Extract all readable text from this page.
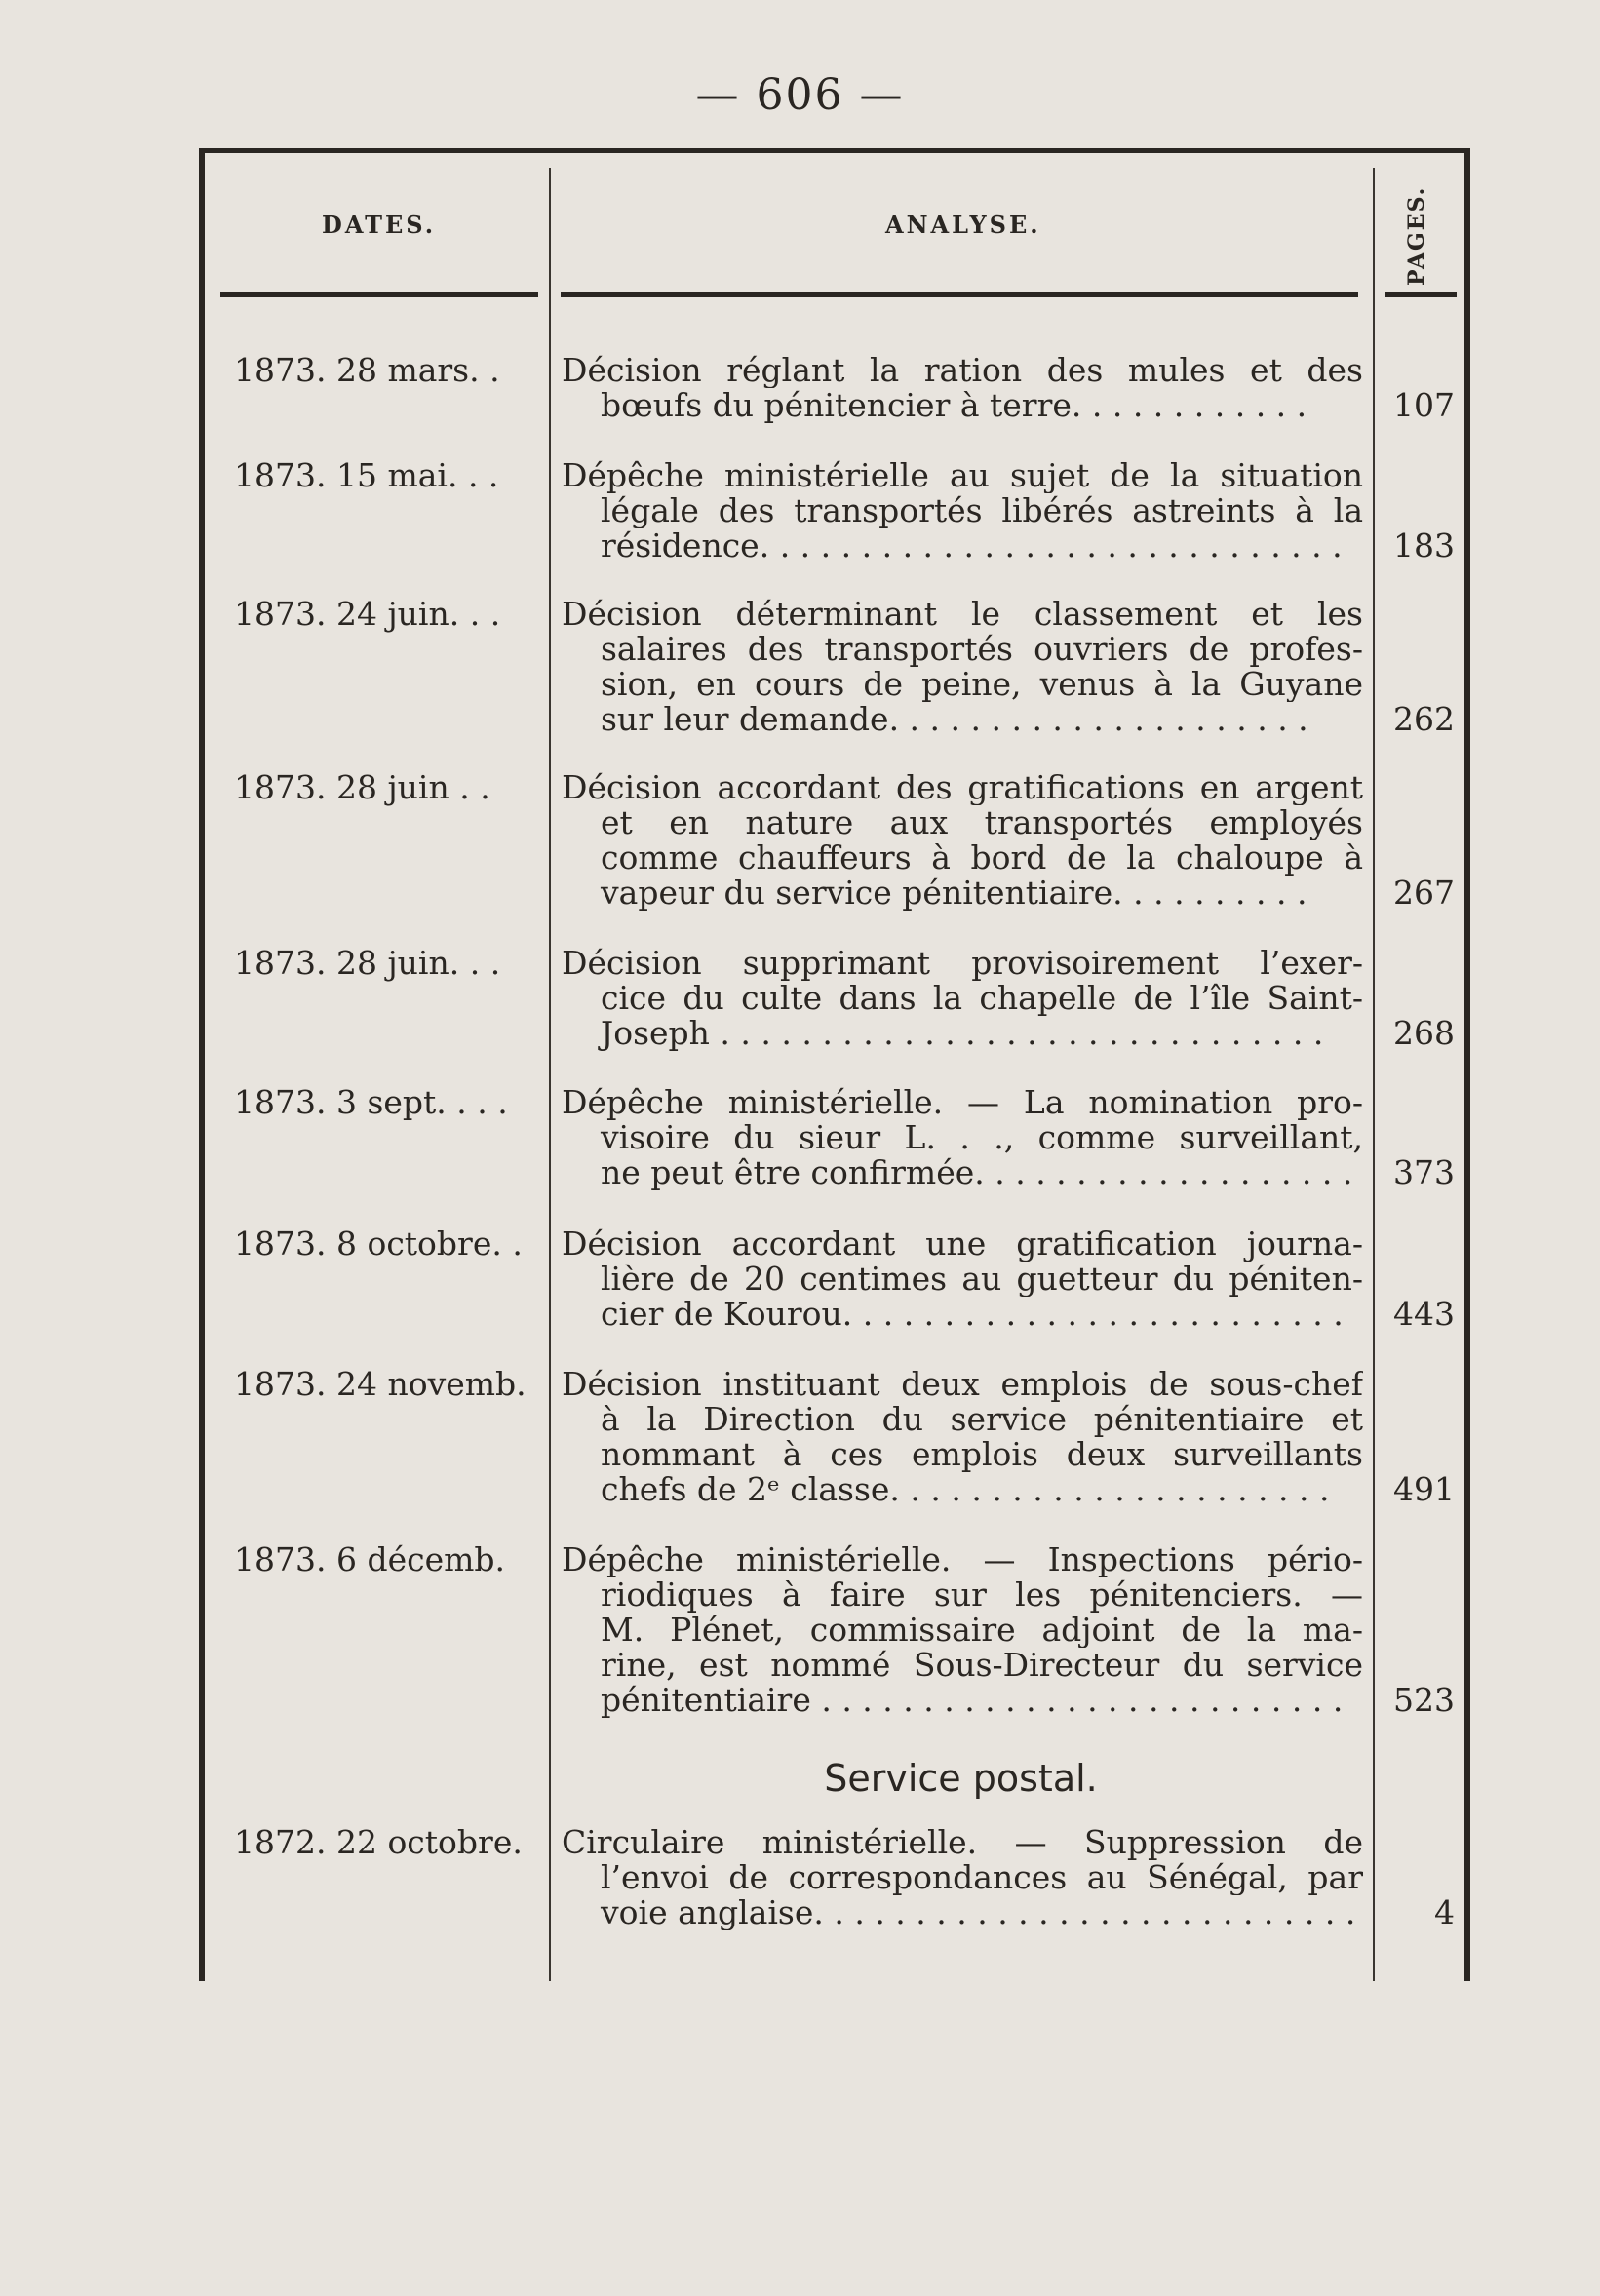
— 606 —
DATES.	ANALYSE.	PAGES.
1873. 28 mars. . Décision réglant la ration des mules et des
bœufs du pénitencier à terre. . . . . . . . . . . .	107
1873. 15 mai. . . Dépêche ministérielle au sujet de la situation
légale des transportés libérés astreints à la
résidence. . . . . . . . . . . . . . . . . . . . . . . . . . . . .	183
1873. 24 juin. . . Décision déterminant le classement et les
salaires des transportés ouvriers de profes-
sion, en cours de peine, venus à la Guyane
sur leur demande. . . . . . . . . . . . . . . . . . . . .	262
1873. 28 juin . . Décision accordant des gratifications en argent
et en nature aux transportés employés
comme chauffeurs à bord de la chaloupe à
vapeur du service pénitentiaire. . . . . . . . . .	267
1873. 28 juin. . . Décision supprimant provisoirement l’exer-
cice du culte dans la chapelle de l’île Saint-
Joseph . . . . . . . . . . . . . . . . . . . . . . . . . . . . . .	268
1873. 3 sept. . . . Dépêche ministérielle. — La nomination pro-
visoire du sieur L. . ., comme surveillant,
ne peut être confirmée. . . . . . . . . . . . . . . . . . .	373
1873. 8 octobre. . Décision accordant une gratification journa-
lière de 20 centimes au guetteur du péniten-
cier de Kourou. . . . . . . . . . . . . . . . . . . . . . . . .	443
1873. 24 novemb. Décision instituant deux emplois de sous-chef
à la Direction du service pénitentiaire et
nommant à ces emplois deux surveillants
chefs de 2ᵉ classe. . . . . . . . . . . . . . . . . . . . . .	491
1873. 6 décemb. Dépêche ministérielle. — Inspections pério-
riodiques à faire sur les pénitenciers. —
M. Plénet, commissaire adjoint de la ma-
rine, est nommé Sous-Directeur du service
pénitentiaire . . . . . . . . . . . . . . . . . . . . . . . . . .	523
1872. 22 octobre. Circulaire ministérielle. — Suppression de
l’envoi de correspondances au Sénégal, par
voie anglaise. . . . . . . . . . . . . . . . . . . . . . . . . . .	4
Service postal.
